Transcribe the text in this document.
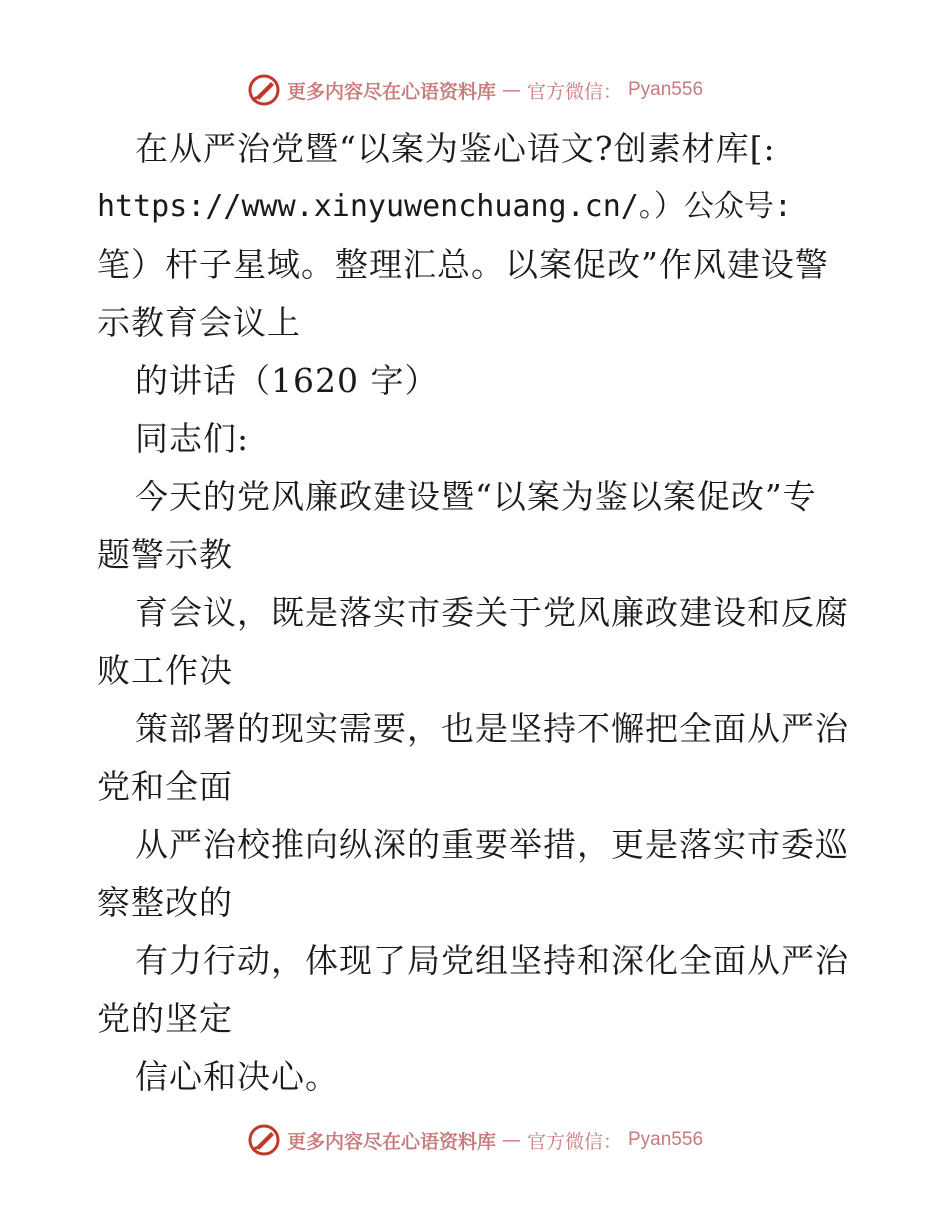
更多内容尽在心语资料库 — 官方微信： Pyan556
在从严治党暨“以案为鉴心语文?创素材库[:
https://www.xinyuwenchuang.cn/。）公众号:
笔）杆子星域。整理汇总。以案促改”作风建设警
示教育会议上
的讲话（1620 字）
同志们:
今天的党风廉政建设暨“以案为鉴以案促改”专
题警示教
育会议，既是落实市委关于党风廉政建设和反腐
败工作决
策部署的现实需要，也是坚持不懈把全面从严治
党和全面
从严治校推向纵深的重要举措，更是落实市委巡
察整改的
有力行动，体现了局党组坚持和深化全面从严治
党的坚定
信心和决心。
更多内容尽在心语资料库 — 官方微信： Pyan556
